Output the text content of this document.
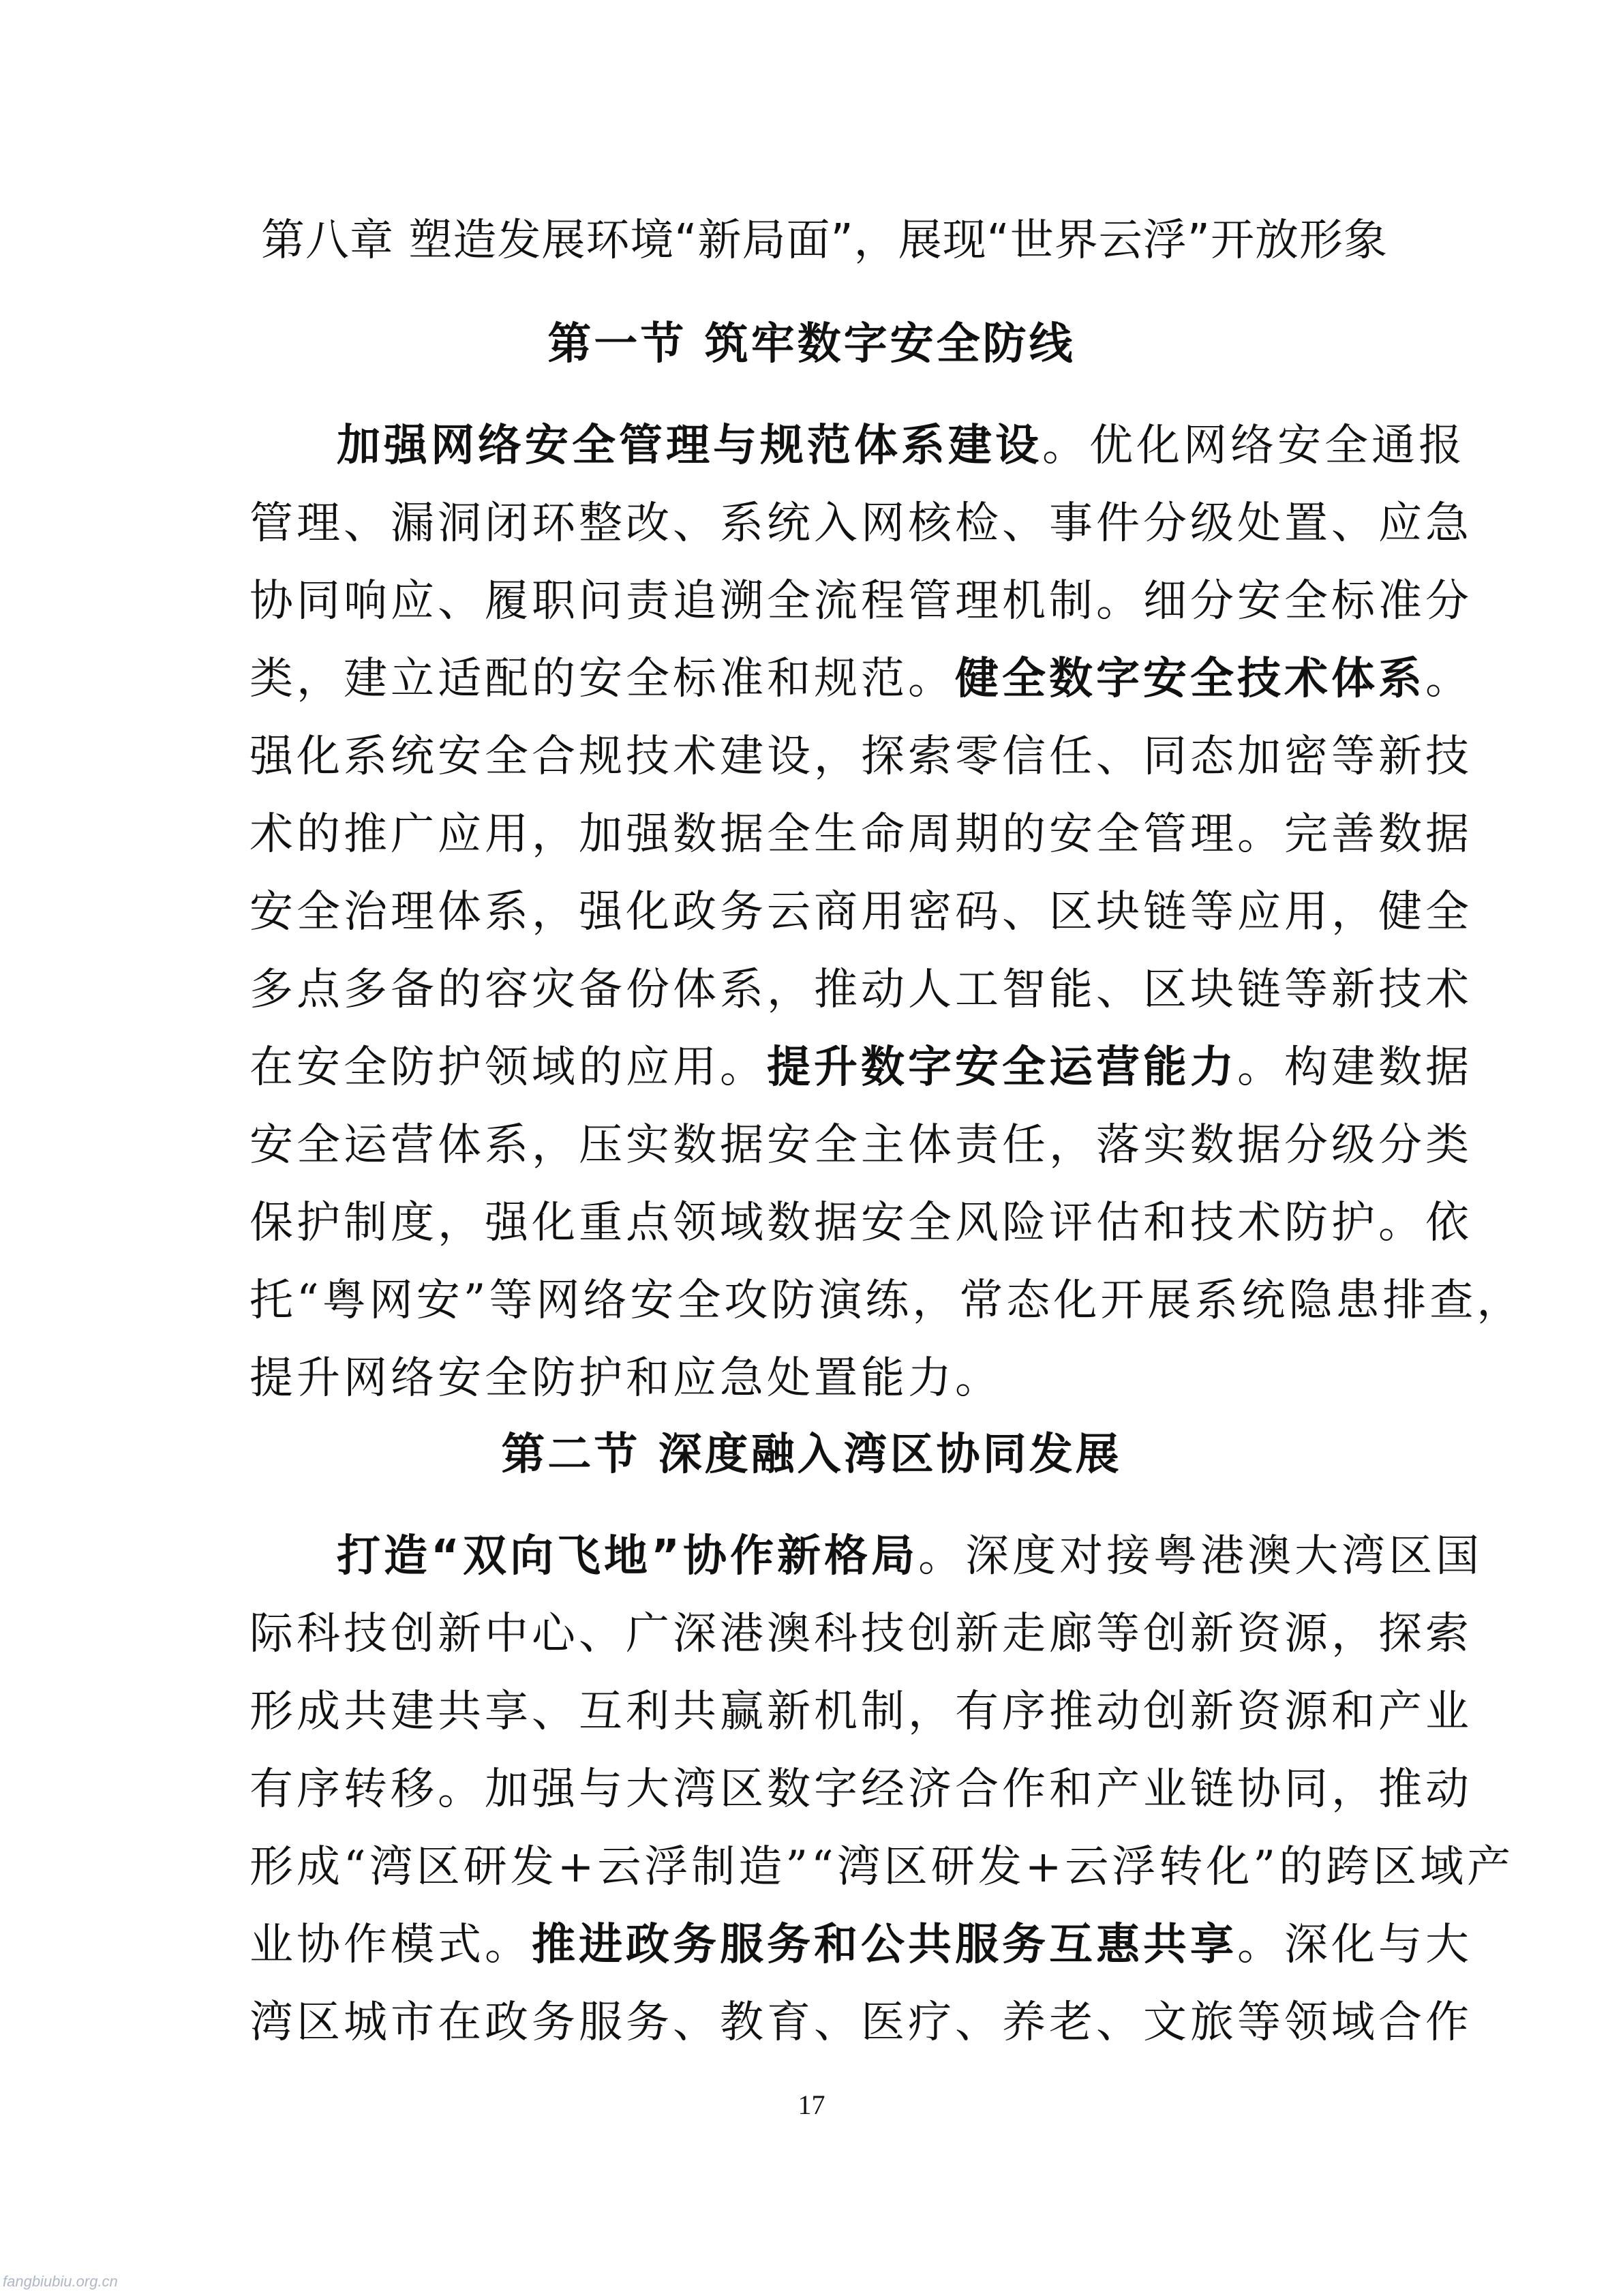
第八章 塑造发展环境“新局面”，展现“世界云浮”开放形象
第一节 筑牢数字安全防线
加强网络安全管理与规范体系建设。优化网络安全通报
管理、漏洞闭环整改、系统入网核检、事件分级处置、应急
协同响应、履职问责追溯全流程管理机制。细分安全标准分
类，建立适配的安全标准和规范。健全数字安全技术体系。
强化系统安全合规技术建设，探索零信任、同态加密等新技
术的推广应用，加强数据全生命周期的安全管理。完善数据
安全治理体系，强化政务云商用密码、区块链等应用，健全
多点多备的容灾备份体系，推动人工智能、区块链等新技术
在安全防护领域的应用。提升数字安全运营能力。构建数据
安全运营体系，压实数据安全主体责任，落实数据分级分类
保护制度，强化重点领域数据安全风险评估和技术防护。依
托“粤网安”等网络安全攻防演练，常态化开展系统隐患排查，
提升网络安全防护和应急处置能力。
第二节 深度融入湾区协同发展
打造“双向飞地”协作新格局。深度对接粤港澳大湾区国
际科技创新中心、广深港澳科技创新走廊等创新资源，探索
形成共建共享、互利共赢新机制，有序推动创新资源和产业
有序转移。加强与大湾区数字经济合作和产业链协同，推动
形成“湾区研发+云浮制造”“湾区研发+云浮转化”的跨区域产
业协作模式。推进政务服务和公共服务互惠共享。深化与大
湾区城市在政务服务、教育、医疗、养老、文旅等领域合作
17
fangbiubiu.org.cn
